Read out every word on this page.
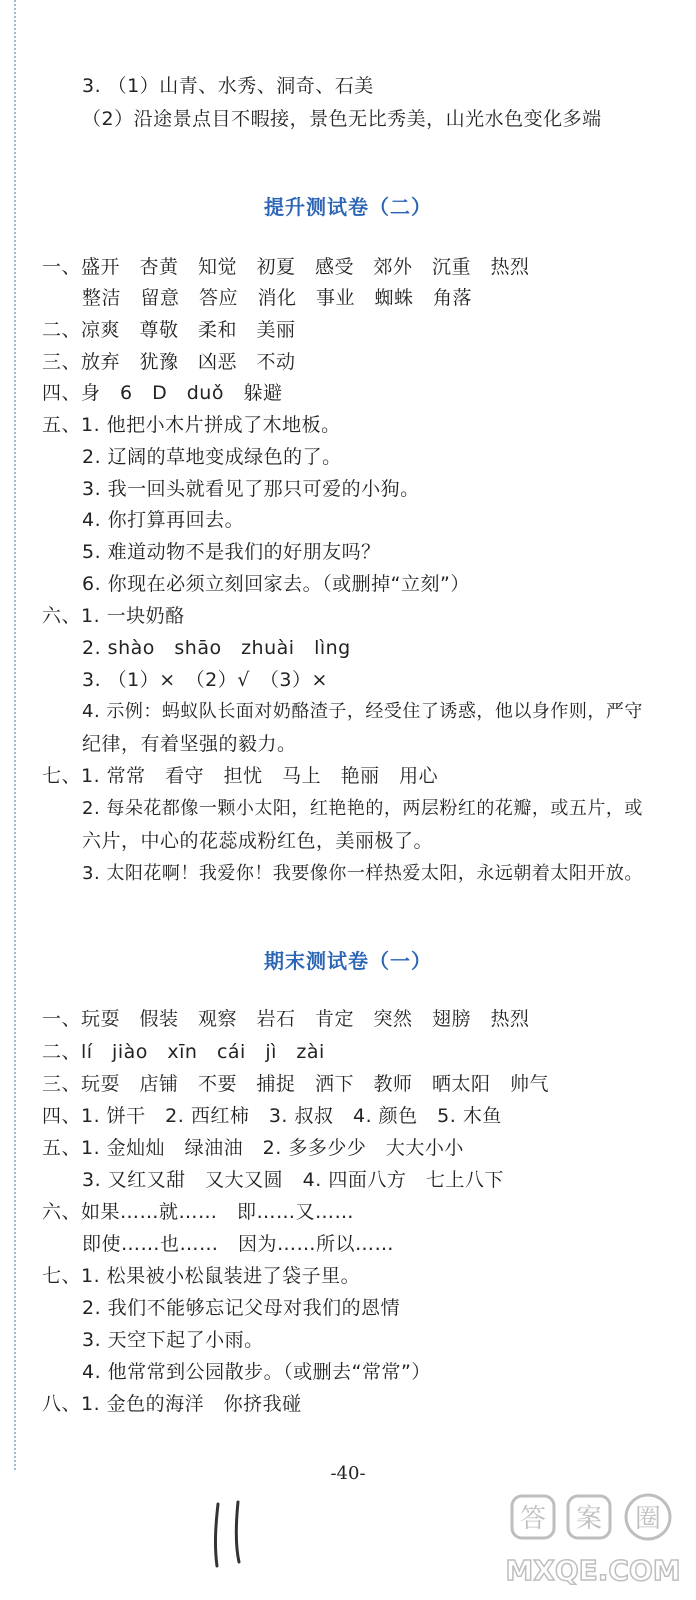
3. （1）山青、水秀、洞奇、石美
（2）沿途景点目不暇接，景色无比秀美，山光水色变化多端
提升测试卷（二）
一、盛开　杏黄　知觉　初夏　感受　郊外　沉重　热烈
整洁　留意　答应　消化　事业　蜘蛛　角落
二、凉爽　尊敬　柔和　美丽
三、放弃　犹豫　凶恶　不动
四、身　6　D　duǒ　躲避
五、1. 他把小木片拼成了木地板。
2. 辽阔的草地变成绿色的了。
3. 我一回头就看见了那只可爱的小狗。
4. 你打算再回去。
5. 难道动物不是我们的好朋友吗？
6. 你现在必须立刻回家去。（或删掉“立刻”）
六、1. 一块奶酪
2. shào　shāo　zhuài　lìng
3. （1）×　（2）√　（3）×
4. 示例：蚂蚁队长面对奶酪渣子，经受住了诱惑，他以身作则，严守
纪律，有着坚强的毅力。
七、1. 常常　看守　担忧　马上　艳丽　用心
2. 每朵花都像一颗小太阳，红艳艳的，两层粉红的花瓣，或五片，或
六片，中心的花蕊成粉红色，美丽极了。
3. 太阳花啊！我爱你！我要像你一样热爱太阳，永远朝着太阳开放。
期末测试卷（一）
一、玩耍　假装　观察　岩石　肯定　突然　翅膀　热烈
二、lí　jiào　xīn　cái　jì　zài
三、玩耍　店铺　不要　捕捉　洒下　教师　晒太阳　帅气
四、1. 饼干　2. 西红柿　3. 叔叔　4. 颜色　5. 木鱼
五、1. 金灿灿　绿油油　2. 多多少少　大大小小
3. 又红又甜　又大又圆　4. 四面八方　七上八下
六、如果……就……　即……又……
即使……也……　因为……所以……
七、1. 松果被小松鼠装进了袋子里。
2. 我们不能够忘记父母对我们的恩情
3. 天空下起了小雨。
4. 他常常到公园散步。（或删去“常常”）
八、1. 金色的海洋　你挤我碰
-40-
答 案 圈
MXQE.COM
